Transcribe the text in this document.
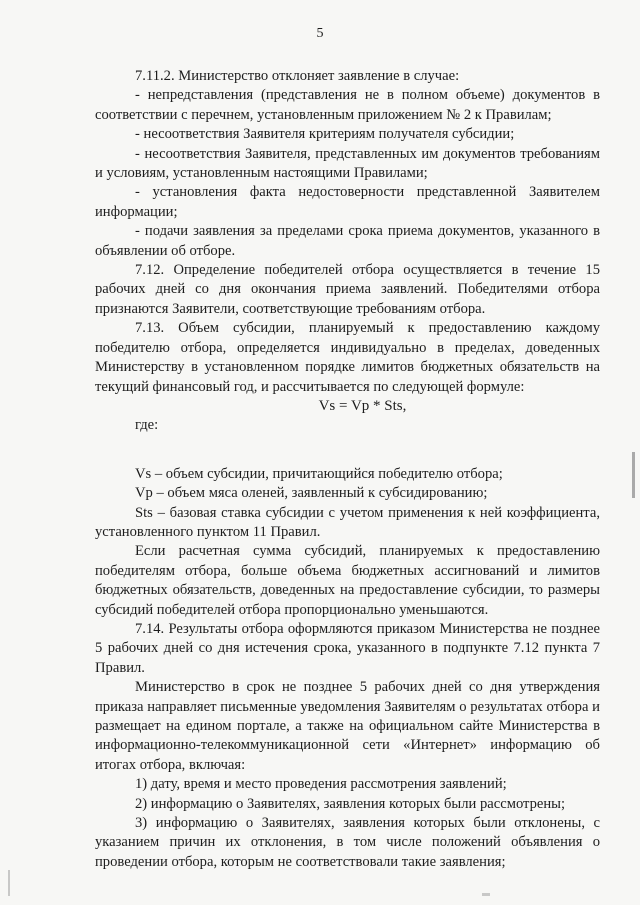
5

7.11.2. Министерство отклоняет заявление в случае:

- непредставления (представления не в полном объеме) документов в соответствии с перечнем, установленным приложением № 2 к Правилам;

- несоответствия Заявителя критериям получателя субсидии;

- несоответствия Заявителя, представленных им документов требованиям и условиям, установленным настоящими Правилами;

- установления факта недостоверности представленной Заявителем информации;

- подачи заявления за пределами срока приема документов, указанного в объявлении об отборе.

7.12. Определение победителей отбора осуществляется в течение 15 рабочих дней со дня окончания приема заявлений. Победителями отбора признаются Заявители, соответствующие требованиям отбора.

7.13. Объем субсидии, планируемый к предоставлению каждому победителю отбора, определяется индивидуально в пределах, доведенных Министерству в установленном порядке лимитов бюджетных обязательств на текущий финансовый год, и рассчитывается по следующей формуле:

Vs = Vp * Sts,

где:

Vs – объем субсидии, причитающийся победителю отбора;

Vp – объем мяса оленей, заявленный к субсидированию;

Sts – базовая ставка субсидии с учетом применения к ней коэффициента, установленного пунктом 11 Правил.

Если расчетная сумма субсидий, планируемых к предоставлению победителям отбора, больше объема бюджетных ассигнований и лимитов бюджетных обязательств, доведенных на предоставление субсидии, то размеры субсидий победителей отбора пропорционально уменьшаются.

7.14. Результаты отбора оформляются приказом Министерства не позднее 5 рабочих дней со дня истечения срока, указанного в подпункте 7.12 пункта 7 Правил.

Министерство в срок не позднее 5 рабочих дней со дня утверждения приказа направляет письменные уведомления Заявителям о результатах отбора и размещает на едином портале, а также на официальном сайте Министерства в информационно-телекоммуникационной сети «Интернет» информацию об итогах отбора, включая:

1) дату, время и место проведения рассмотрения заявлений;

2) информацию о Заявителях, заявления которых были рассмотрены;

3) информацию о Заявителях, заявления которых были отклонены, с указанием причин их отклонения, в том числе положений объявления о проведении отбора, которым не соответствовали такие заявления;
